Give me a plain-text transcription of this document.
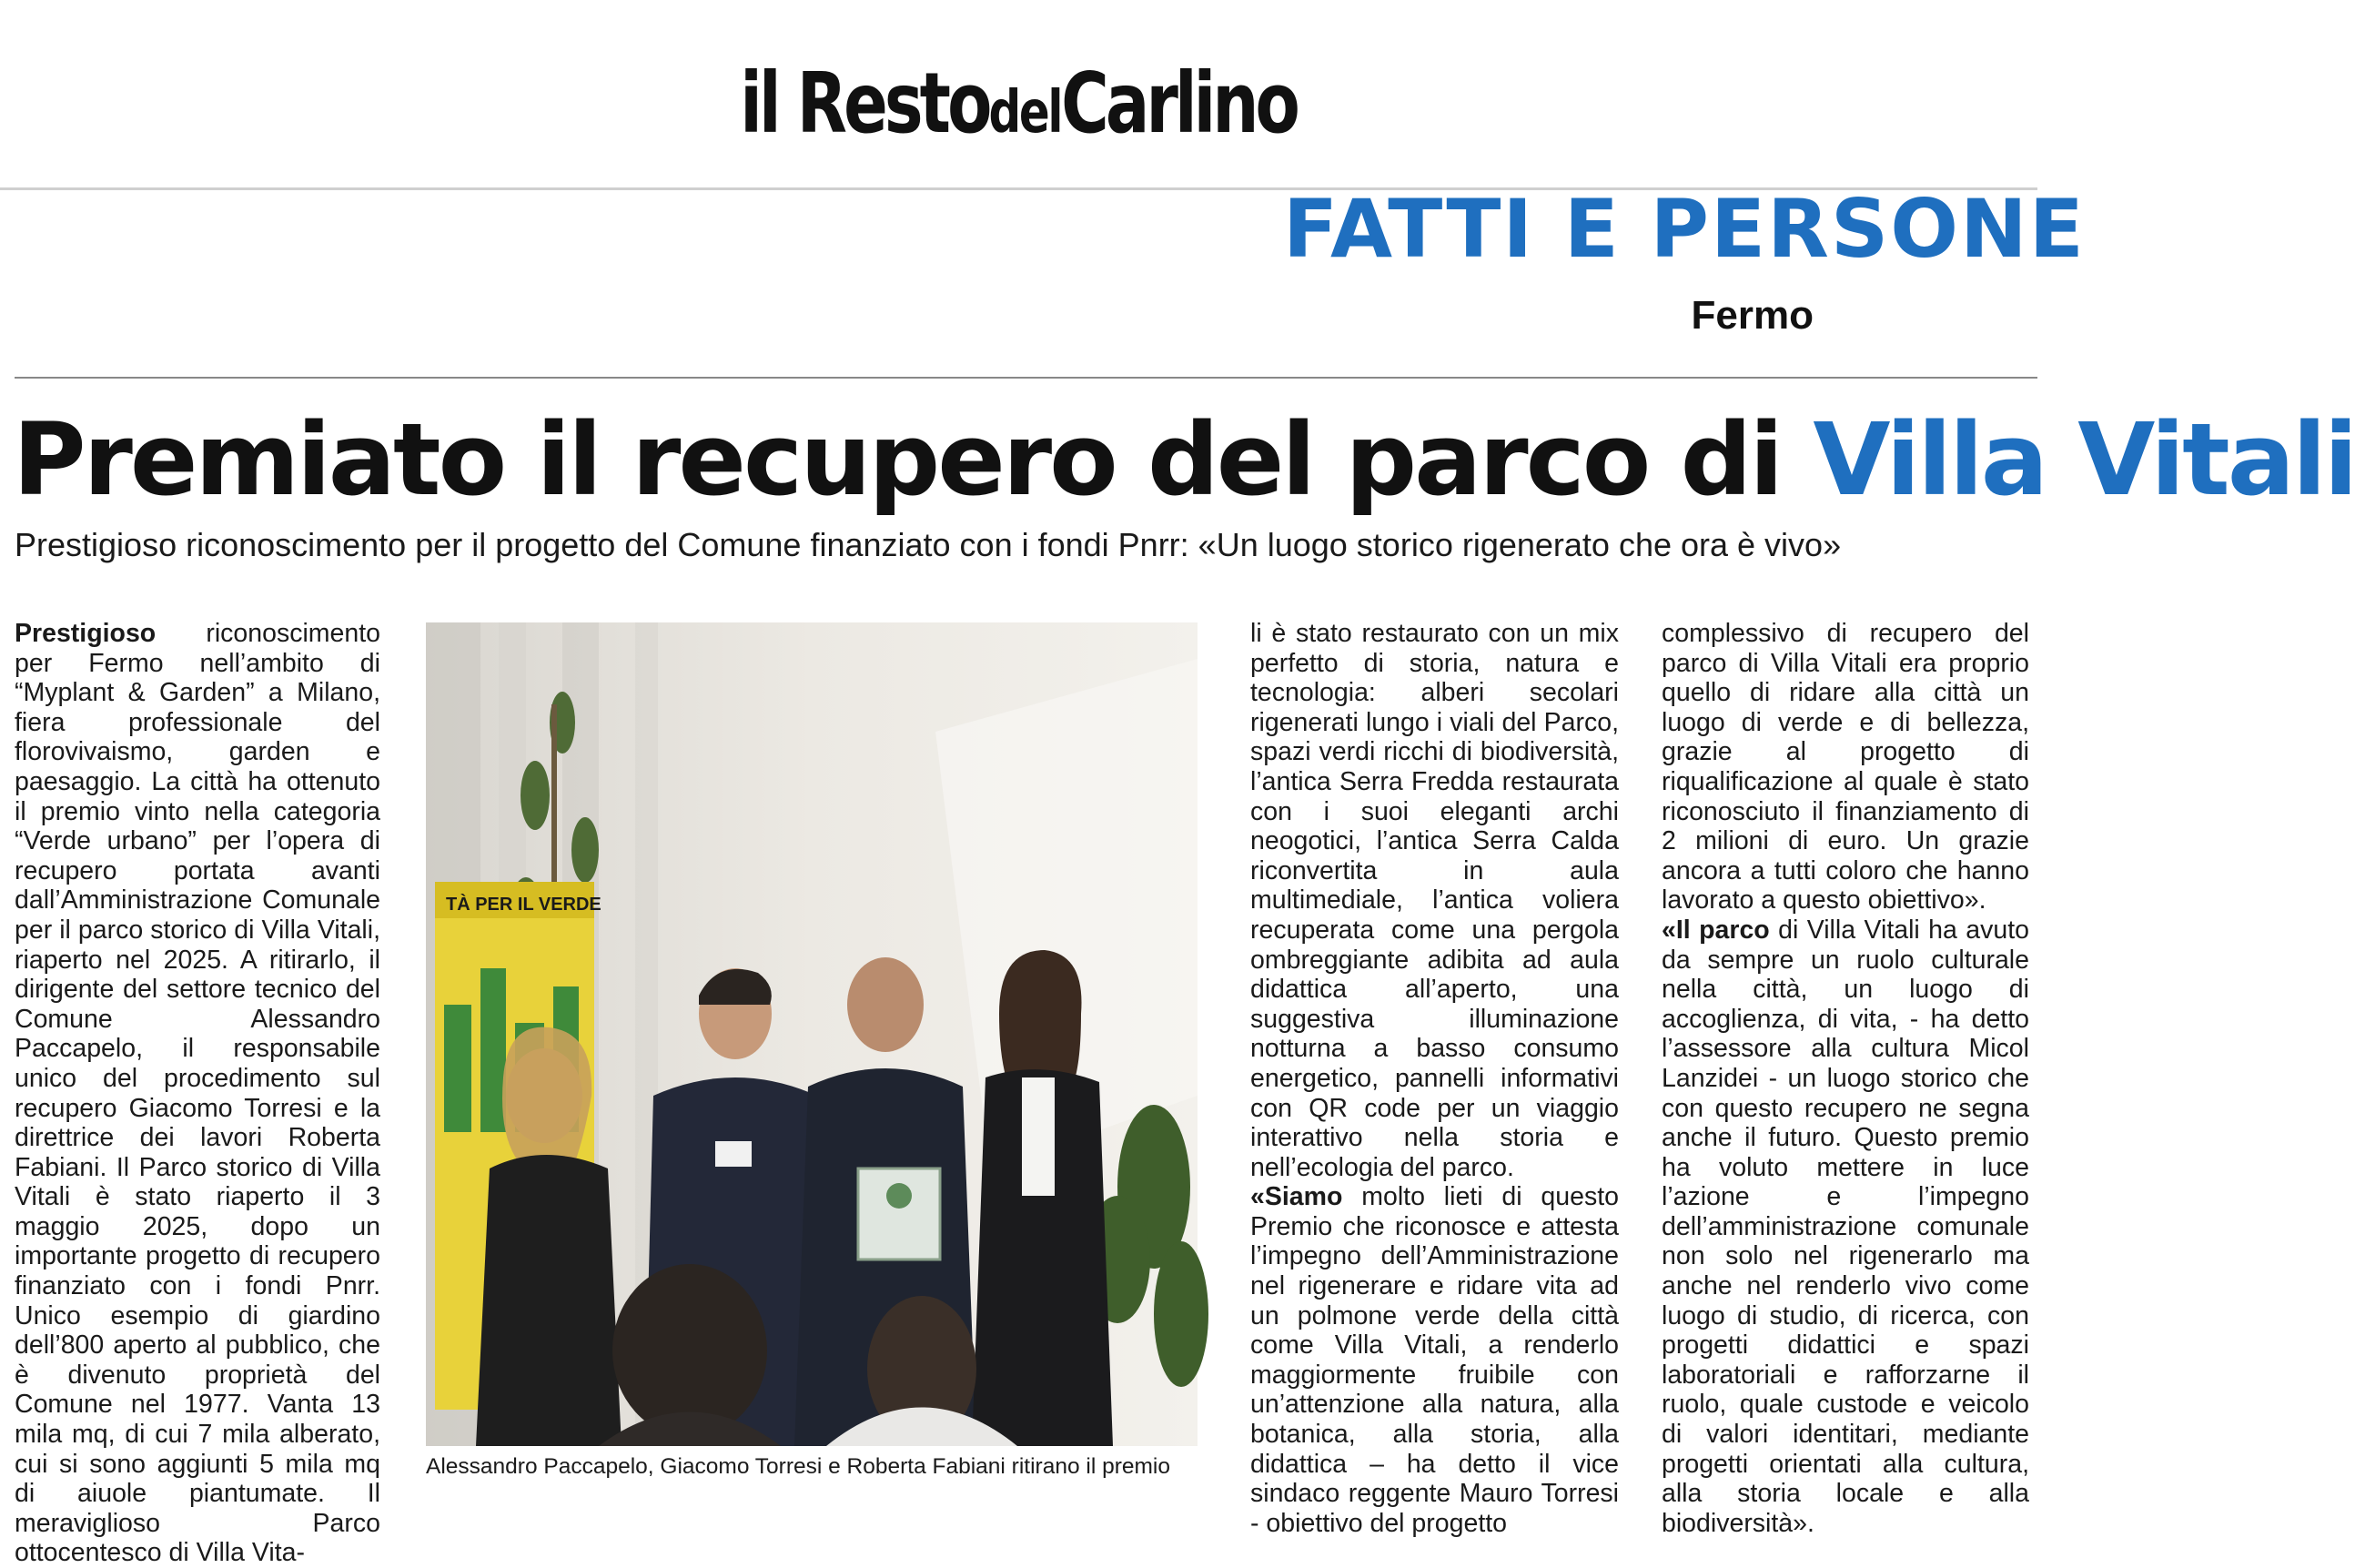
il RestodelCarlino
FATTI E PERSONE
Fermo
Premiato il recupero del parco di Villa Vitali
Prestigioso riconoscimento per il progetto del Comune finanziato con i fondi Pnrr: «Un luogo storico rigenerato che ora è vivo»
Prestigioso riconoscimento per Fermo nell’ambito di “Myplant & Garden” a Milano, fiera professionale del florovivaismo, garden e paesaggio. La città ha ottenuto il premio vinto nella categoria “Verde urbano” per l’opera di recupero portata avanti dall’Amministrazione Comunale per il parco storico di Villa Vitali, riaperto nel 2025. A ritirarlo, il dirigente del settore tecnico del Comune Alessandro Paccapelo, il responsabile unico del procedimento sul recupero Giacomo Torresi e la direttrice dei lavori Roberta Fabiani. Il Parco storico di Villa Vitali è stato riaperto il 3 maggio 2025, dopo un importante progetto di recupero finanziato con i fondi Pnrr. Unico esempio di giardino dell’800 aperto al pubblico, che è divenuto proprietà del Comune nel 1977. Vanta 13 mila mq, di cui 7 mila alberato, cui si sono aggiunti 5 mila mq di aiuole piantumate. Il meraviglioso Parco ottocentesco di Villa Vita-
TÀ PER IL VERDE
Alessandro Paccapelo, Giacomo Torresi e Roberta Fabiani ritirano il premio
li è stato restaurato con un mix perfetto di storia, natura e tecnologia: alberi secolari rigenerati lungo i viali del Parco, spazi verdi ricchi di biodiversità, l’antica Serra Fredda restaurata con i suoi eleganti archi neogotici, l’antica Serra Calda riconvertita in aula multimediale, l’antica voliera recuperata come una pergola ombreggiante adibita ad aula didattica all’aperto, una suggestiva illuminazione notturna a basso consumo energetico, pannelli informativi con QR code per un viaggio interattivo nella storia e nell’ecologia del parco.
«Siamo molto lieti di questo Premio che riconosce e attesta l’impegno dell’Amministrazione nel rigenerare e ridare vita ad un polmone verde della città come Villa Vitali, a renderlo maggiormente fruibile con un’attenzione alla natura, alla botanica, alla storia, alla didattica – ha detto il vice sindaco reggente Mauro Torresi - obiettivo del progetto
complessivo di recupero del parco di Villa Vitali era proprio quello di ridare alla città un luogo di verde e di bellezza, grazie al progetto di riqualificazione al quale è stato riconosciuto il finanziamento di 2 milioni di euro. Un grazie ancora a tutti coloro che hanno lavorato a questo obiettivo».
«Il parco di Villa Vitali ha avuto da sempre un ruolo culturale nella città, un luogo di accoglienza, di vita, - ha detto l’assessore alla cultura Micol Lanzidei - un luogo storico che con questo recupero ne segna anche il futuro. Questo premio ha voluto mettere in luce l’azione e l’impegno dell’amministrazione comunale non solo nel rigenerarlo ma anche nel renderlo vivo come luogo di studio, di ricerca, con progetti didattici e spazi laboratoriali e rafforzarne il ruolo, quale custode e veicolo di valori identitari, mediante progetti orientati alla cultura, alla storia locale e alla biodiversità».
